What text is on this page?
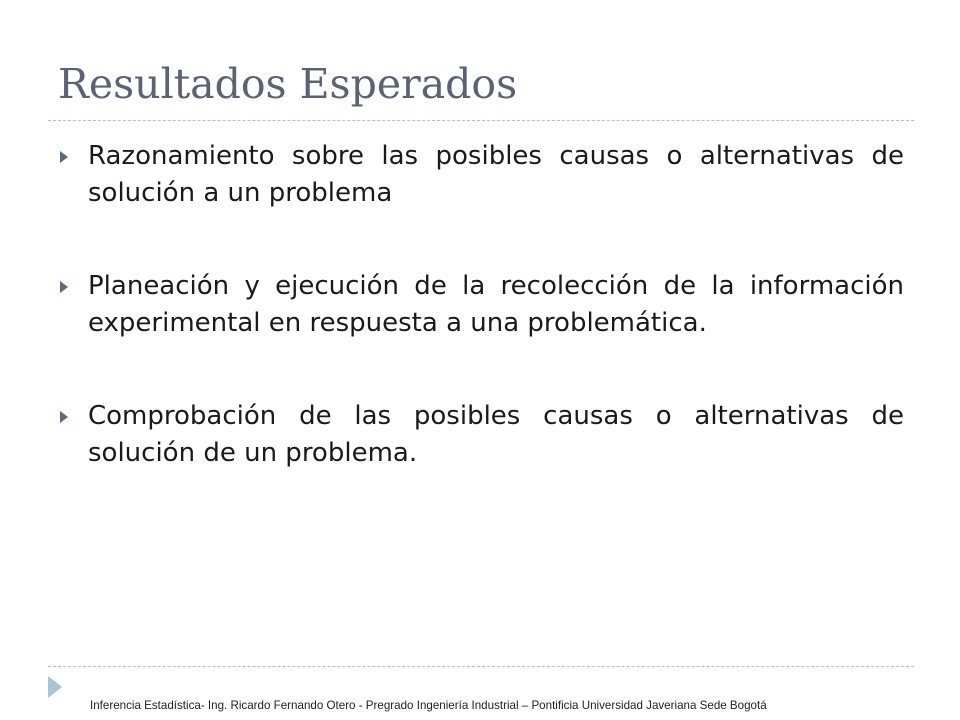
Resultados Esperados
Razonamiento sobre las posibles causas o alternativas de solución a un problema
Planeación y ejecución de la recolección de la información experimental en respuesta a una problemática.
Comprobación de las posibles causas o alternativas de solución de un problema.
Inferencia Estadística- Ing. Ricardo Fernando Otero - Pregrado Ingeniería Industrial – Pontificia Universidad Javeriana Sede Bogotá
